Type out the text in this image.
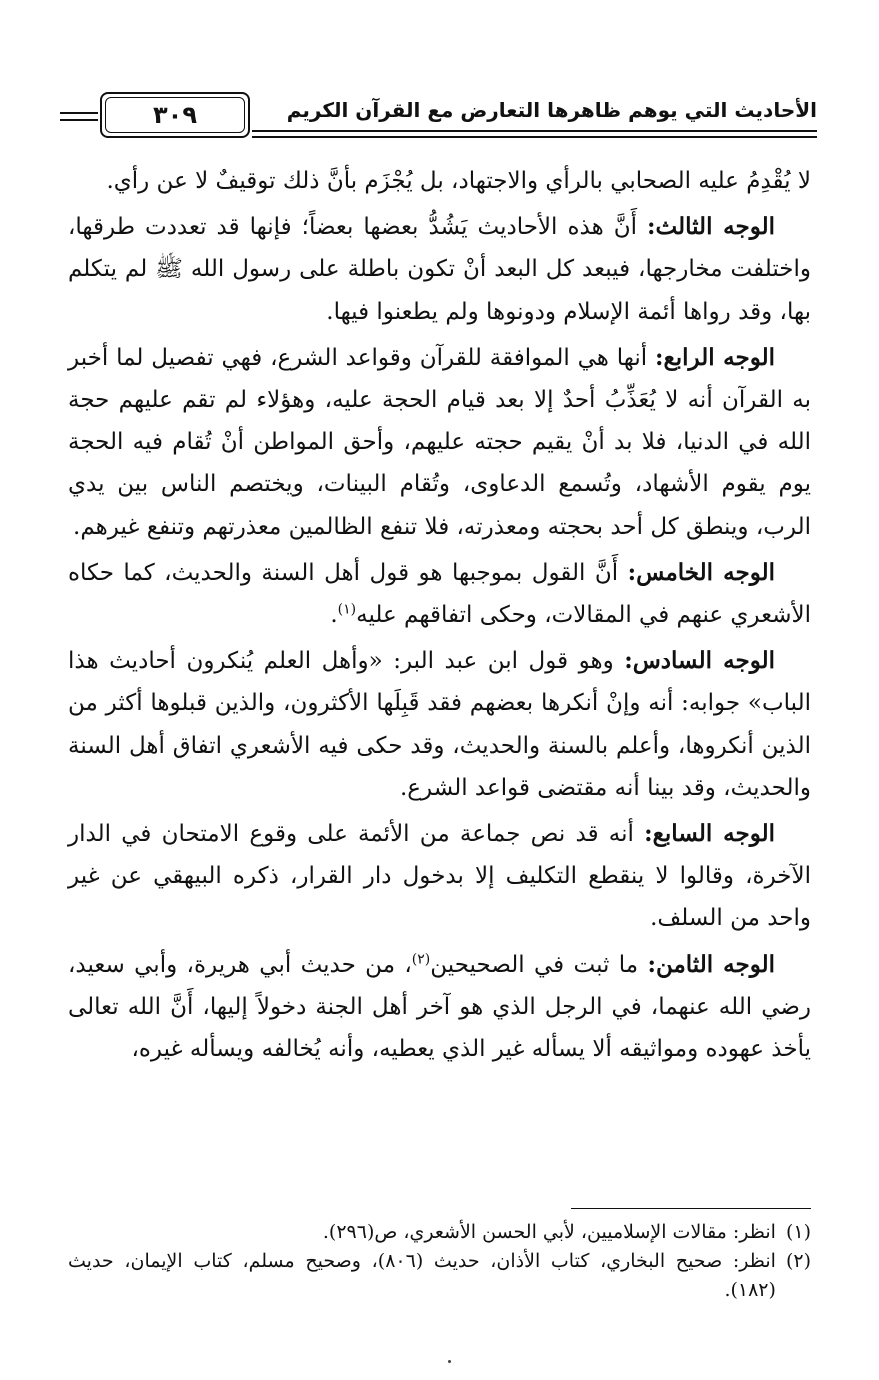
الأحاديث التي يوهم ظاهرها التعارض مع القرآن الكريم
٣٠٩

لا يُقْدِمُ عليه الصحابي بالرأي والاجتهاد، بل يُجْزَم بأنَّ ذلك توقيفٌ لا عن رأي.

الوجه الثالث: أَنَّ هذه الأحاديث يَشُدُّ بعضها بعضاً؛ فإنها قد تعددت طرقها، واختلفت مخارجها، فيبعد كل البعد أنْ تكون باطلة على رسول الله ﷺ لم يتكلم بها، وقد رواها أئمة الإسلام ودونوها ولم يطعنوا فيها.

الوجه الرابع: أنها هي الموافقة للقرآن وقواعد الشرع، فهي تفصيل لما أخبر به القرآن أنه لا يُعَذِّبُ أحدٌ إلا بعد قيام الحجة عليه، وهؤلاء لم تقم عليهم حجة الله في الدنيا، فلا بد أنْ يقيم حجته عليهم، وأحق المواطن أنْ تُقام فيه الحجة يوم يقوم الأشهاد، وتُسمع الدعاوى، وتُقام البينات، ويختصم الناس بين يدي الرب، وينطق كل أحد بحجته ومعذرته، فلا تنفع الظالمين معذرتهم وتنفع غيرهم.

الوجه الخامس: أَنَّ القول بموجبها هو قول أهل السنة والحديث، كما حكاه الأشعري عنهم في المقالات، وحكى اتفاقهم عليه$^{(١)}$.

الوجه السادس: وهو قول ابن عبد البر: «وأهل العلم يُنكرون أحاديث هذا الباب» جوابه: أنه وإنْ أنكرها بعضهم فقد قَبِلَها الأكثرون، والذين قبلوها أكثر من الذين أنكروها، وأعلم بالسنة والحديث، وقد حكى فيه الأشعري اتفاق أهل السنة والحديث، وقد بينا أنه مقتضى قواعد الشرع.

الوجه السابع: أنه قد نص جماعة من الأئمة على وقوع الامتحان في الدار الآخرة، وقالوا لا ينقطع التكليف إلا بدخول دار القرار، ذكره البيهقي عن غير واحد من السلف.

الوجه الثامن: ما ثبت في الصحيحين$^{(٢)}$، من حديث أبي هريرة، وأبي سعيد، رضي الله عنهما، في الرجل الذي هو آخر أهل الجنة دخولاً إليها، أَنَّ الله تعالى يأخذ عهوده ومواثيقه ألا يسأله غير الذي يعطيه، وأنه يُخالفه ويسأله غيره،

(١)
انظر: مقالات الإسلاميين، لأبي الحسن الأشعري، ص(٢٩٦).

(٢)
انظر: صحيح البخاري، كتاب الأذان، حديث (٨٠٦)، وصحيح مسلم، كتاب الإيمان، حديث (١٨٢).
